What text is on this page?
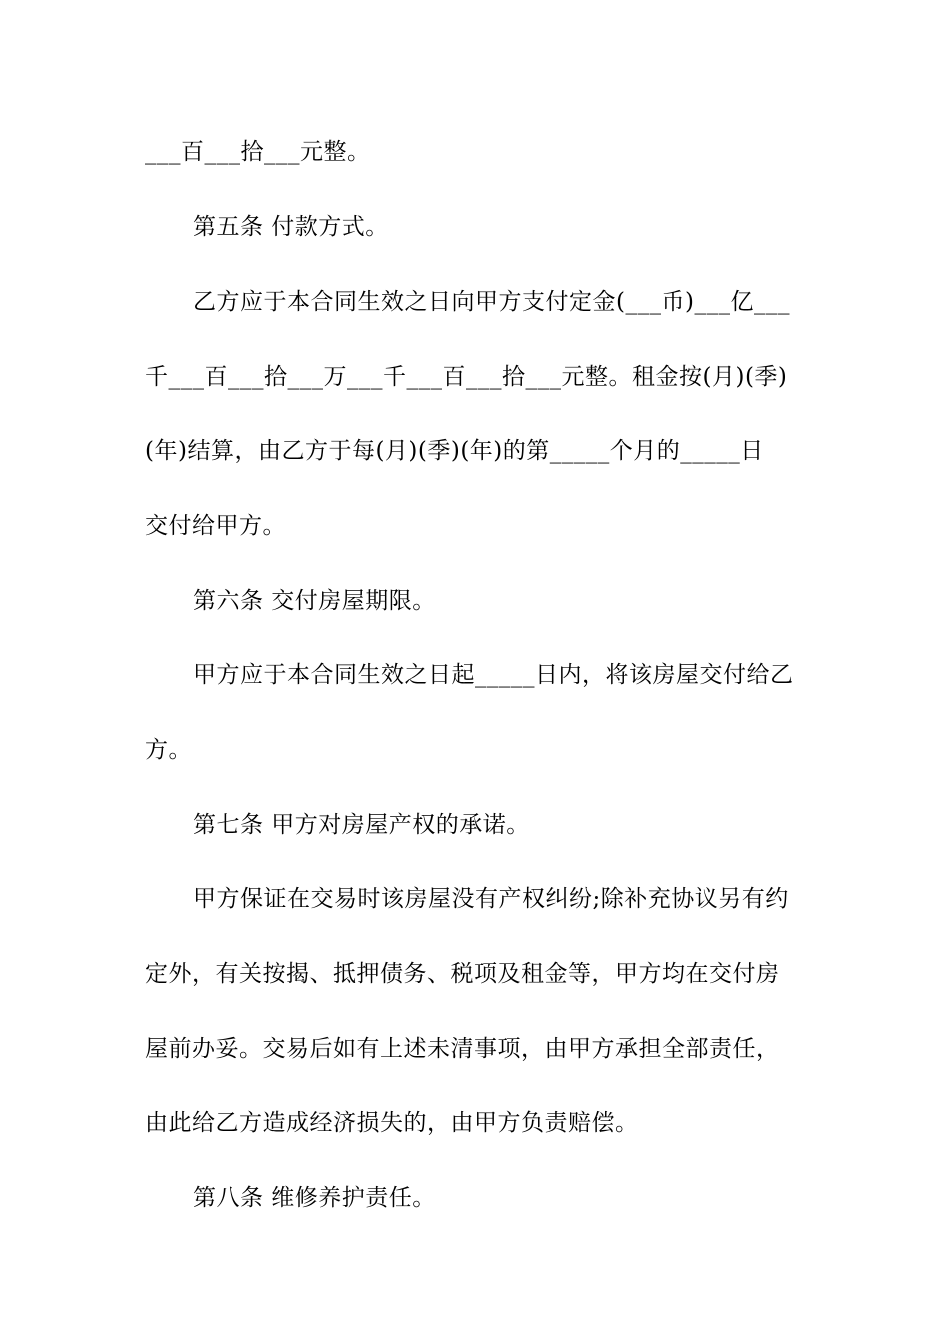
___百___拾___元整。
第五条 付款方式。
乙方应于本合同生效之日向甲方支付定金(___币)___亿___
千___百___拾___万___千___百___拾___元整。租金按(月)(季)
(年)结算，由乙方于每(月)(季)(年)的第_____个月的_____日
交付给甲方。
第六条 交付房屋期限。
甲方应于本合同生效之日起_____日内，将该房屋交付给乙
方。
第七条 甲方对房屋产权的承诺。
甲方保证在交易时该房屋没有产权纠纷;除补充协议另有约
定外，有关按揭、抵押债务、税项及租金等，甲方均在交付房
屋前办妥。交易后如有上述未清事项，由甲方承担全部责任，
由此给乙方造成经济损失的，由甲方负责赔偿。
第八条 维修养护责任。
